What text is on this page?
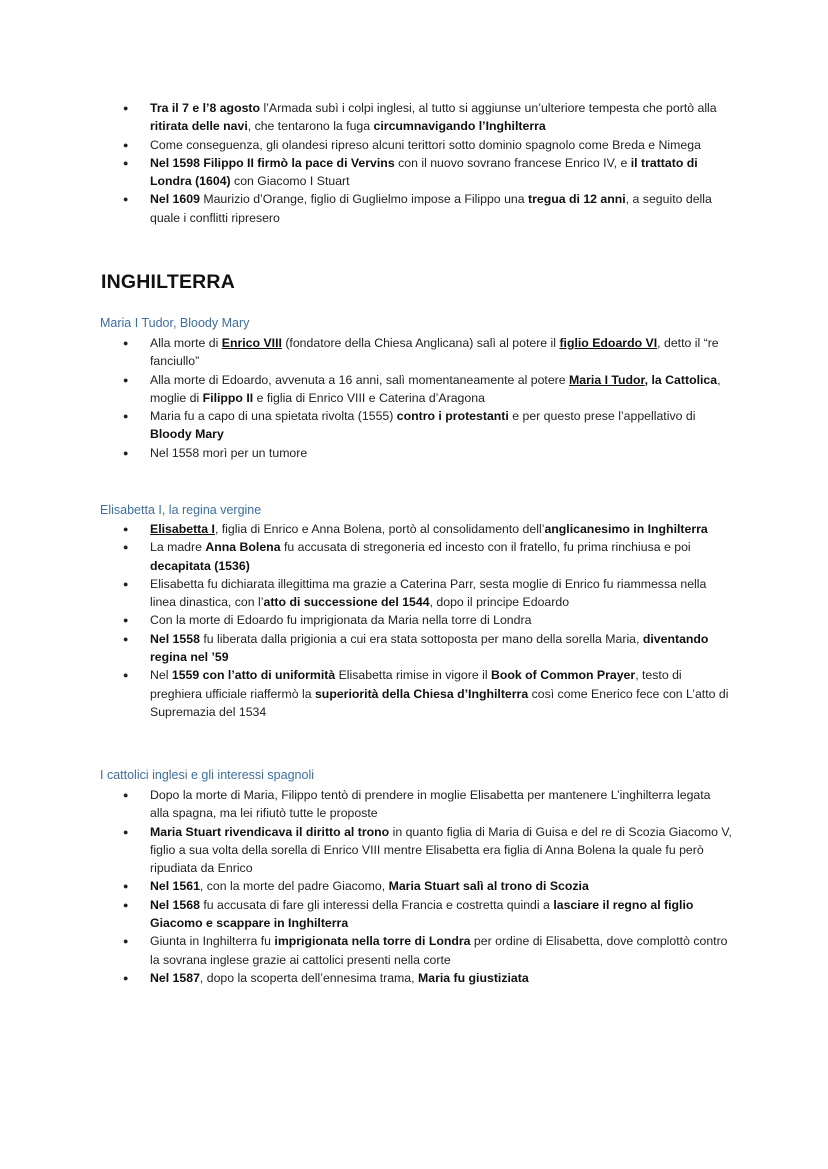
● Tra il 7 e l’8 agosto l’Armada subì i colpi inglesi, al tutto si aggiunse un’ulteriore tempesta che portò alla ritirata delle navi, che tentarono la fuga circumnavigando l’Inghilterra
● Come conseguenza, gli olandesi ripreso alcuni terittori sotto dominio spagnolo come Breda e Nimega
● Nel 1598 Filippo II firmò la pace di Vervins con il nuovo sovrano francese Enrico IV, e il trattato di Londra (1604) con Giacomo I Stuart
● Nel 1609 Maurizio d’Orange, figlio di Guglielmo impose a Filippo una tregua di 12 anni, a seguito della quale i conflitti ripresero
INGHILTERRA
Maria I Tudor, Bloody Mary
● Alla morte di Enrico VIII (fondatore della Chiesa Anglicana) salì al potere il figlio Edoardo VI, detto il “re fanciullo”
● Alla morte di Edoardo, avvenuta a 16 anni, salì momentaneamente al potere Maria I Tudor, la Cattolica, moglie di Filippo II e figlia di Enrico VIII e Caterina d’Aragona
● Maria fu a capo di una spietata rivolta (1555) contro i protestanti e per questo prese l’appellativo di Bloody Mary
● Nel 1558 morì per un tumore
Elisabetta I, la regina vergine
● Elisabetta I, figlia di Enrico e Anna Bolena, portò al consolidamento dell’anglicanesimo in Inghilterra
● La madre Anna Bolena fu accusata di stregoneria ed incesto con il fratello, fu prima rinchiusa e poi decapitata (1536)
● Elisabetta fu dichiarata illegittima ma grazie a Caterina Parr, sesta moglie di Enrico fu riammessa nella linea dinastica, con l’atto di successione del 1544, dopo il principe Edoardo
● Con la morte di Edoardo fu imprigionata da Maria nella torre di Londra
● Nel 1558 fu liberata dalla prigionia a cui era stata sottoposta per mano della sorella Maria, diventando regina nel ’59
● Nel 1559 con l’atto di uniformità Elisabetta rimise in vigore il Book of Common Prayer, testo di preghiera ufficiale riaffermò la superiorità della Chiesa d’Inghilterra così come Enerico fece con L’atto di Supremazia del 1534
I cattolici inglesi e gli interessi spagnoli
● Dopo la morte di Maria, Filippo tentò di prendere in moglie Elisabetta per mantenere L’inghilterra legata alla spagna, ma lei rifiutò tutte le proposte
● Maria Stuart rivendicava il diritto al trono in quanto figlia di Maria di Guisa e del re di Scozia Giacomo V, figlio a sua volta della sorella di Enrico VIII mentre Elisabetta era figlia di Anna Bolena la quale fu però ripudiata da Enrico
● Nel 1561, con la morte del padre Giacomo, Maria Stuart salì al trono di Scozia
● Nel 1568 fu accusata di fare gli interessi della Francia e costretta quindi a lasciare il regno al figlio Giacomo e scappare in Inghilterra
● Giunta in Inghilterra fu imprigionata nella torre di Londra per ordine di Elisabetta, dove complottò contro la sovrana inglese grazie ai cattolici presenti nella corte
● Nel 1587, dopo la scoperta dell’ennesima trama, Maria fu giustiziata
